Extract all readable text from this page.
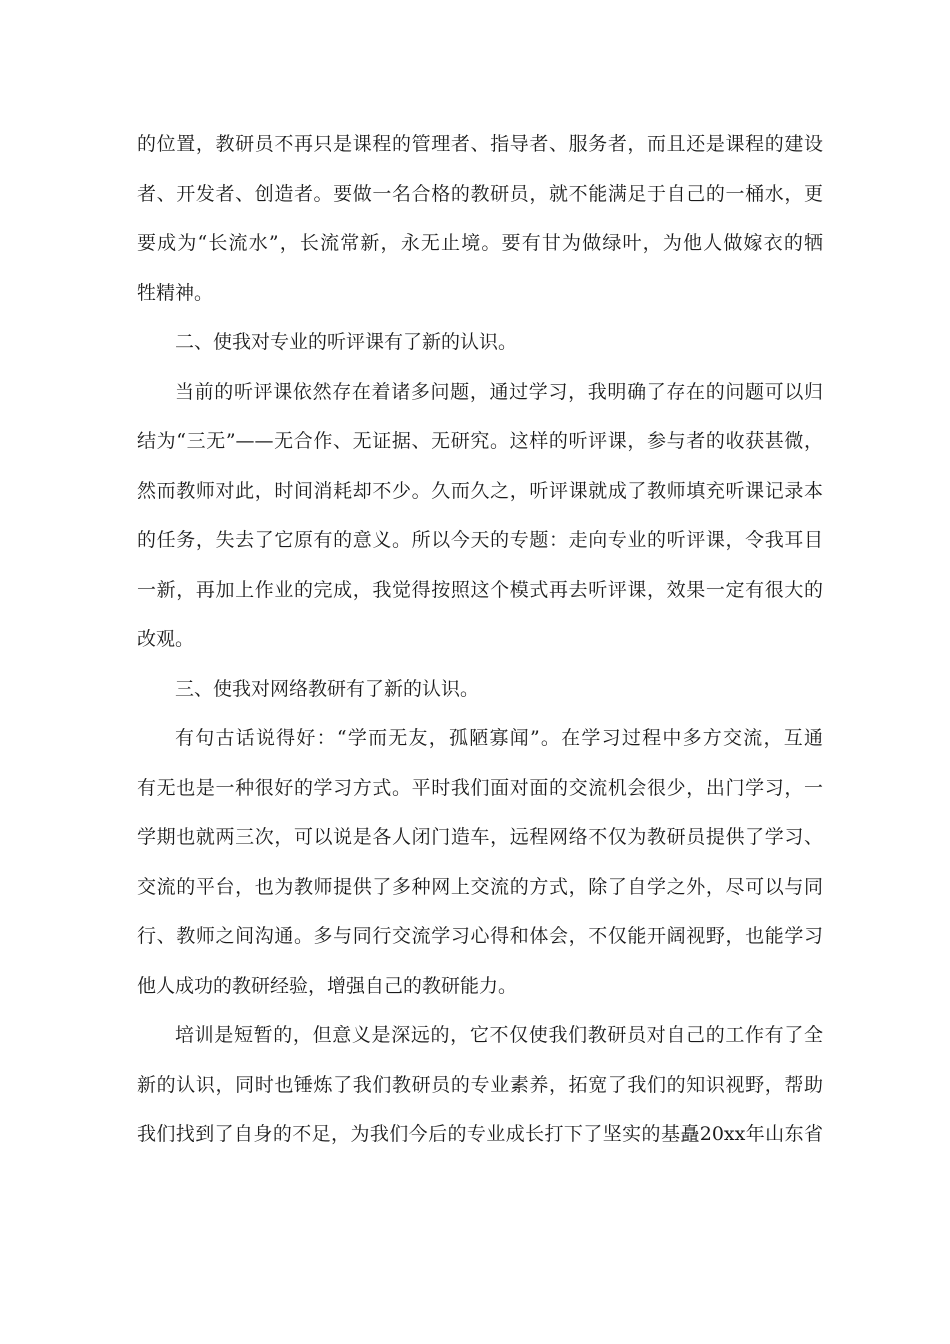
的位置，教研员不再只是课程的管理者、指导者、服务者，而且还是课程的建设
者、开发者、创造者。要做一名合格的教研员，就不能满足于自己的一桶水，更
要成为“长流水”，长流常新，永无止境。要有甘为做绿叶，为他人做嫁衣的牺
牲精神。
二、使我对专业的听评课有了新的认识。
当前的听评课依然存在着诸多问题，通过学习，我明确了存在的问题可以归
结为“三无”——无合作、无证据、无研究。这样的听评课，参与者的收获甚微，
然而教师对此，时间消耗却不少。久而久之，听评课就成了教师填充听课记录本
的任务，失去了它原有的意义。所以今天的专题：走向专业的听评课，令我耳目
一新，再加上作业的完成，我觉得按照这个模式再去听评课，效果一定有很大的
改观。
三、使我对网络教研有了新的认识。
有句古话说得好：“学而无友，孤陋寡闻”。在学习过程中多方交流，互通
有无也是一种很好的学习方式。平时我们面对面的交流机会很少，出门学习，一
学期也就两三次，可以说是各人闭门造车，远程网络不仅为教研员提供了学习、
交流的平台，也为教师提供了多种网上交流的方式，除了自学之外，尽可以与同
行、教师之间沟通。多与同行交流学习心得和体会，不仅能开阔视野，也能学习
他人成功的教研经验，增强自己的教研能力。
培训是短暂的，但意义是深远的，它不仅使我们教研员对自己的工作有了全
新的认识，同时也锤炼了我们教研员的专业素养，拓宽了我们的知识视野，帮助
我们找到了自身的不足，为我们今后的专业成长打下了坚实的基矗20xx年山东省
